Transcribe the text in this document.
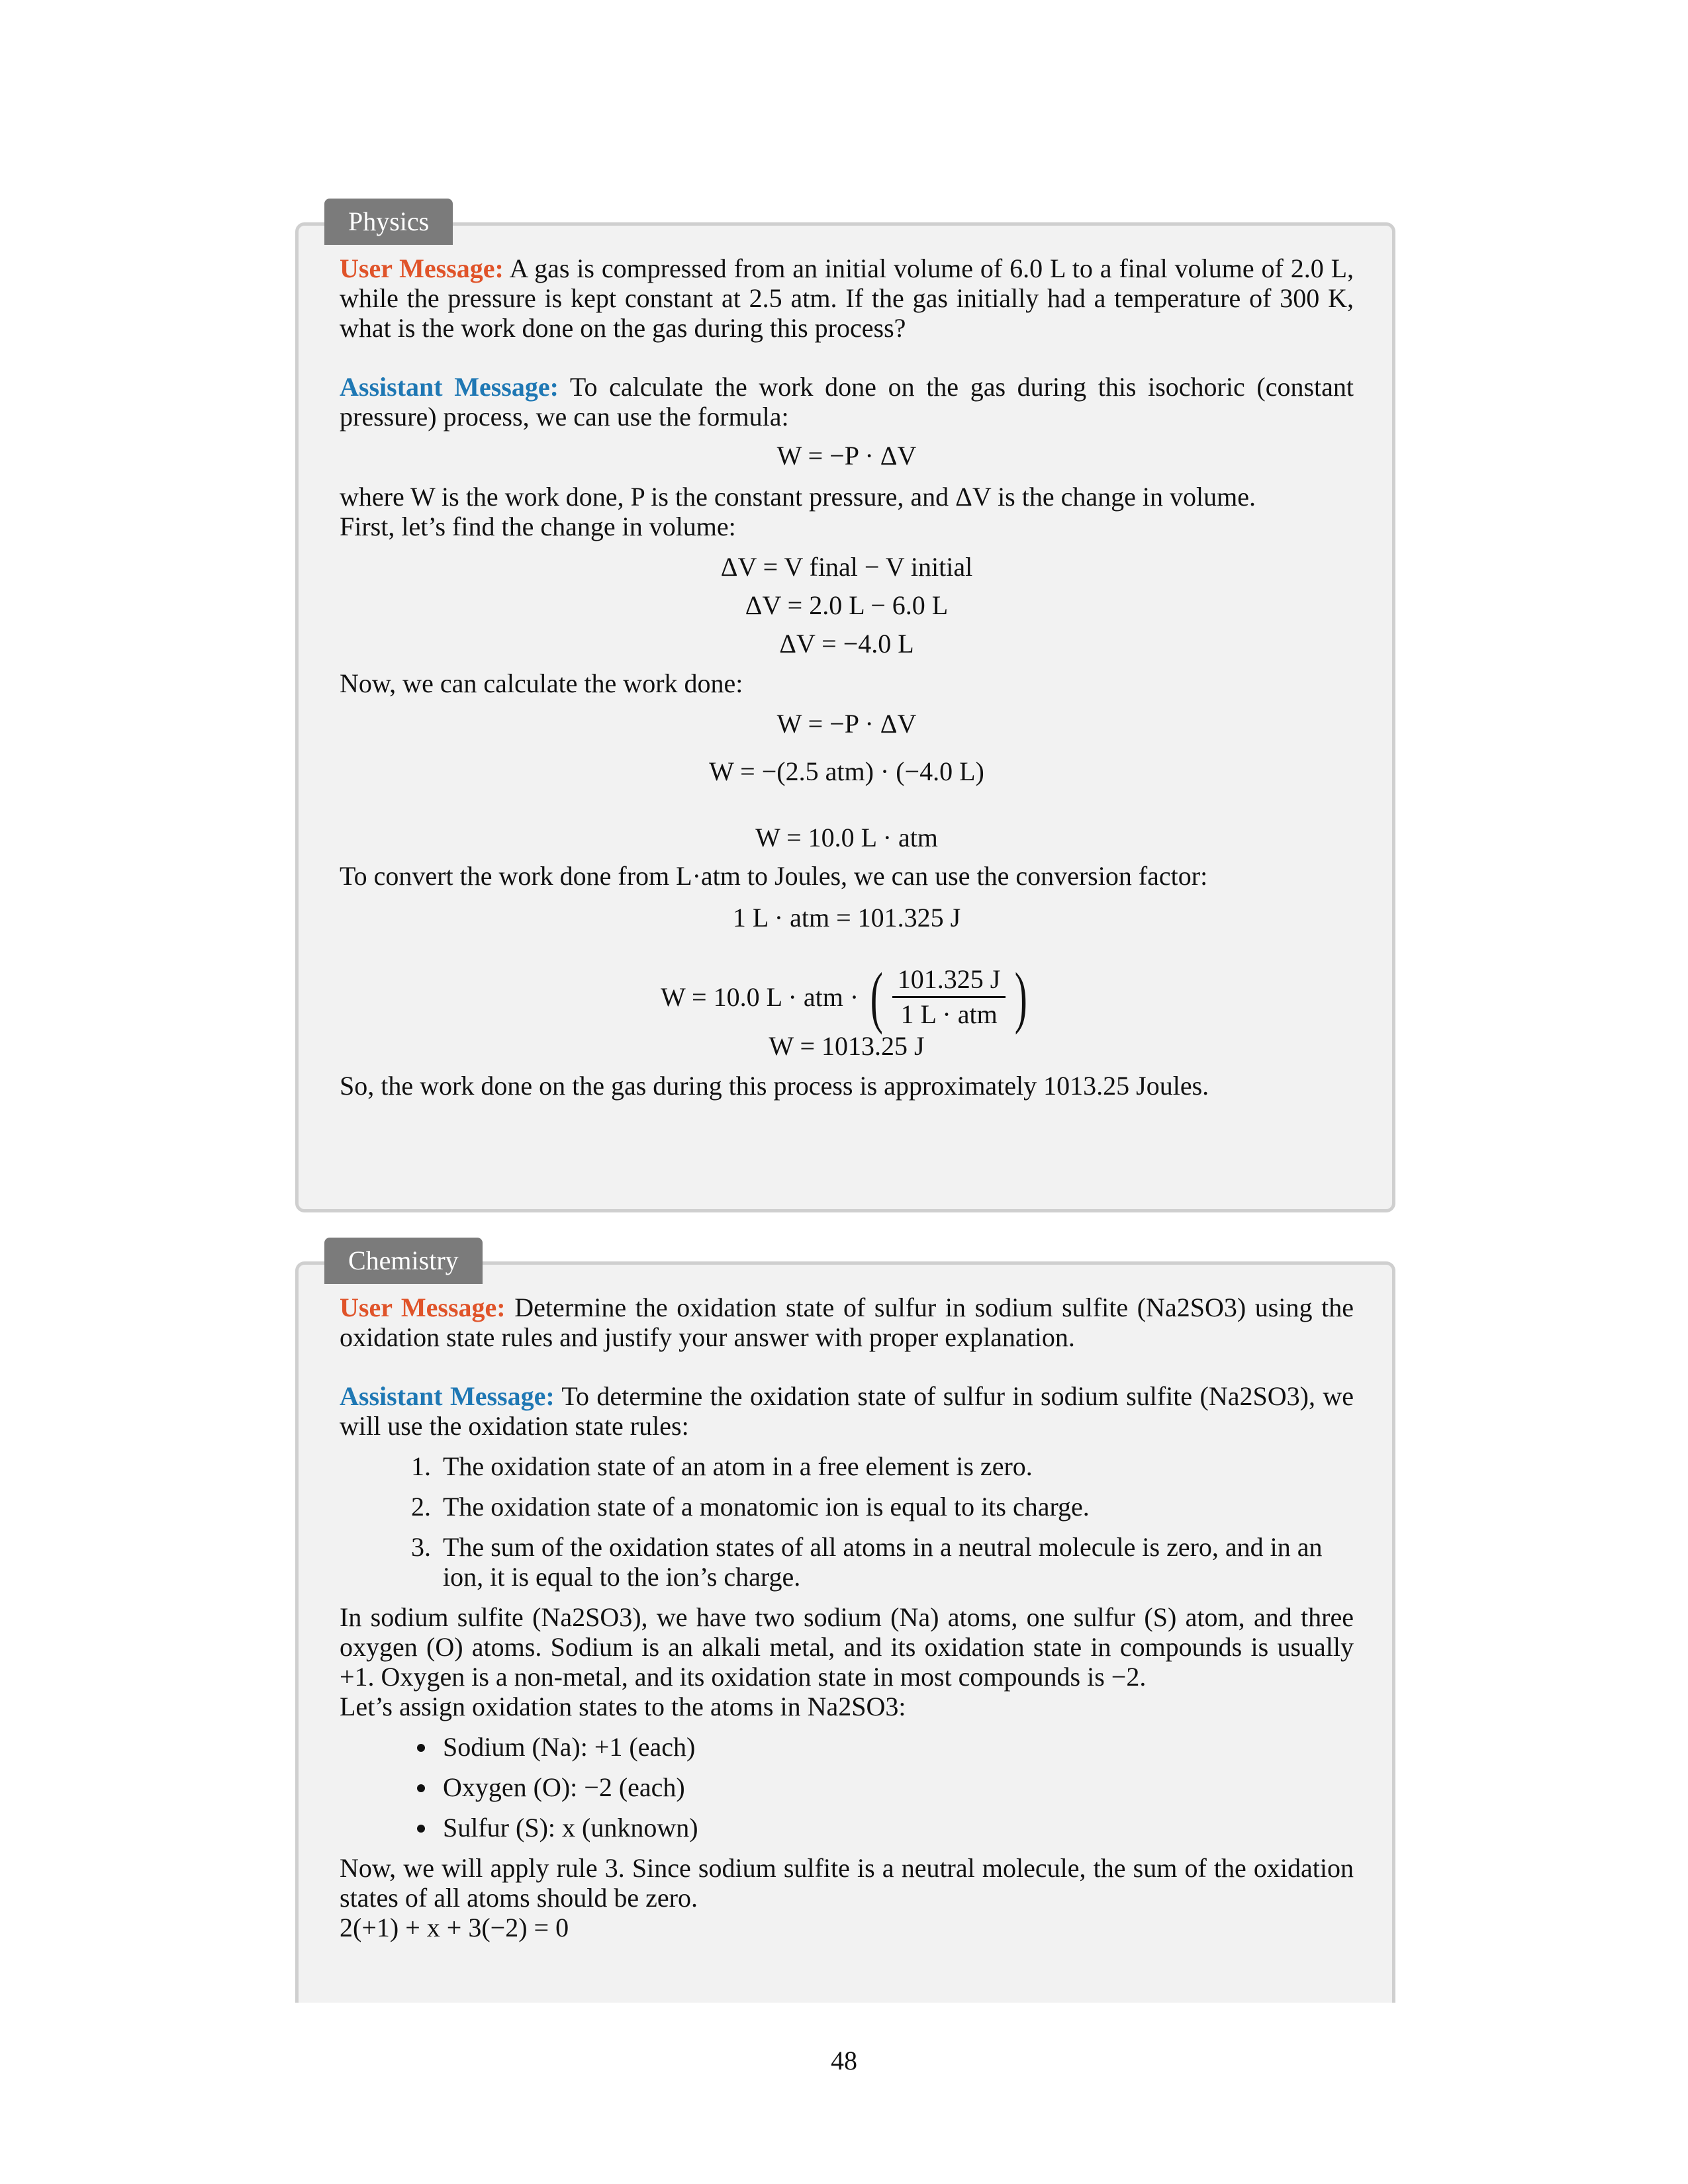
User Message: A gas is compressed from an initial volume of 6.0 L to a final volume of 2.0 L, while the pressure is kept constant at 2.5 atm. If the gas initially had a temperature of 300 K, what is the work done on the gas during this process?

Assistant Message: To calculate the work done on the gas during this isochoric (constant pressure) process, we can use the formula:

W = −P · ΔV

where W is the work done, P is the constant pressure, and ΔV is the change in volume.

First, let’s find the change in volume:

ΔV = V final − V initial
ΔV = 2.0 L − 6.0 L
ΔV = −4.0 L

Now, we can calculate the work done:

W = −P · ΔV
W = −(2.5 atm) · (−4.0 L)
W = 10.0 L · atm

To convert the work done from L·atm to Joules, we can use the conversion factor:

1 L · atm = 101.325 J
W = 10.0 L · atm · ( $\frac{101.325 J}{\text{1 L · atm}}$ )
W = 1013.25 J

So, the work done on the gas during this process is approximately 1013.25 Joules.

Physics

User Message: Determine the oxidation state of sulfur in sodium sulfite (Na2SO3) using the oxidation state rules and justify your answer with proper explanation.

Assistant Message: To determine the oxidation state of sulfur in sodium sulfite (Na2SO3), we will use the oxidation state rules:

1. The oxidation state of an atom in a free element is zero.
2. The oxidation state of a monatomic ion is equal to its charge.
3. The sum of the oxidation states of all atoms in a neutral molecule is zero, and in an ion, it is equal to the ion’s charge.

In sodium sulfite (Na2SO3), we have two sodium (Na) atoms, one sulfur (S) atom, and three oxygen (O) atoms. Sodium is an alkali metal, and its oxidation state in compounds is usually +1. Oxygen is a non-metal, and its oxidation state in most compounds is −2.

Let’s assign oxidation states to the atoms in Na2SO3:

• Sodium (Na): +1 (each)
• Oxygen (O): −2 (each)
• Sulfur (S): x (unknown)

Now, we will apply rule 3. Since sodium sulfite is a neutral molecule, the sum of the oxidation states of all atoms should be zero.

2(+1) + x + 3(−2) = 0

Chemistry
48
